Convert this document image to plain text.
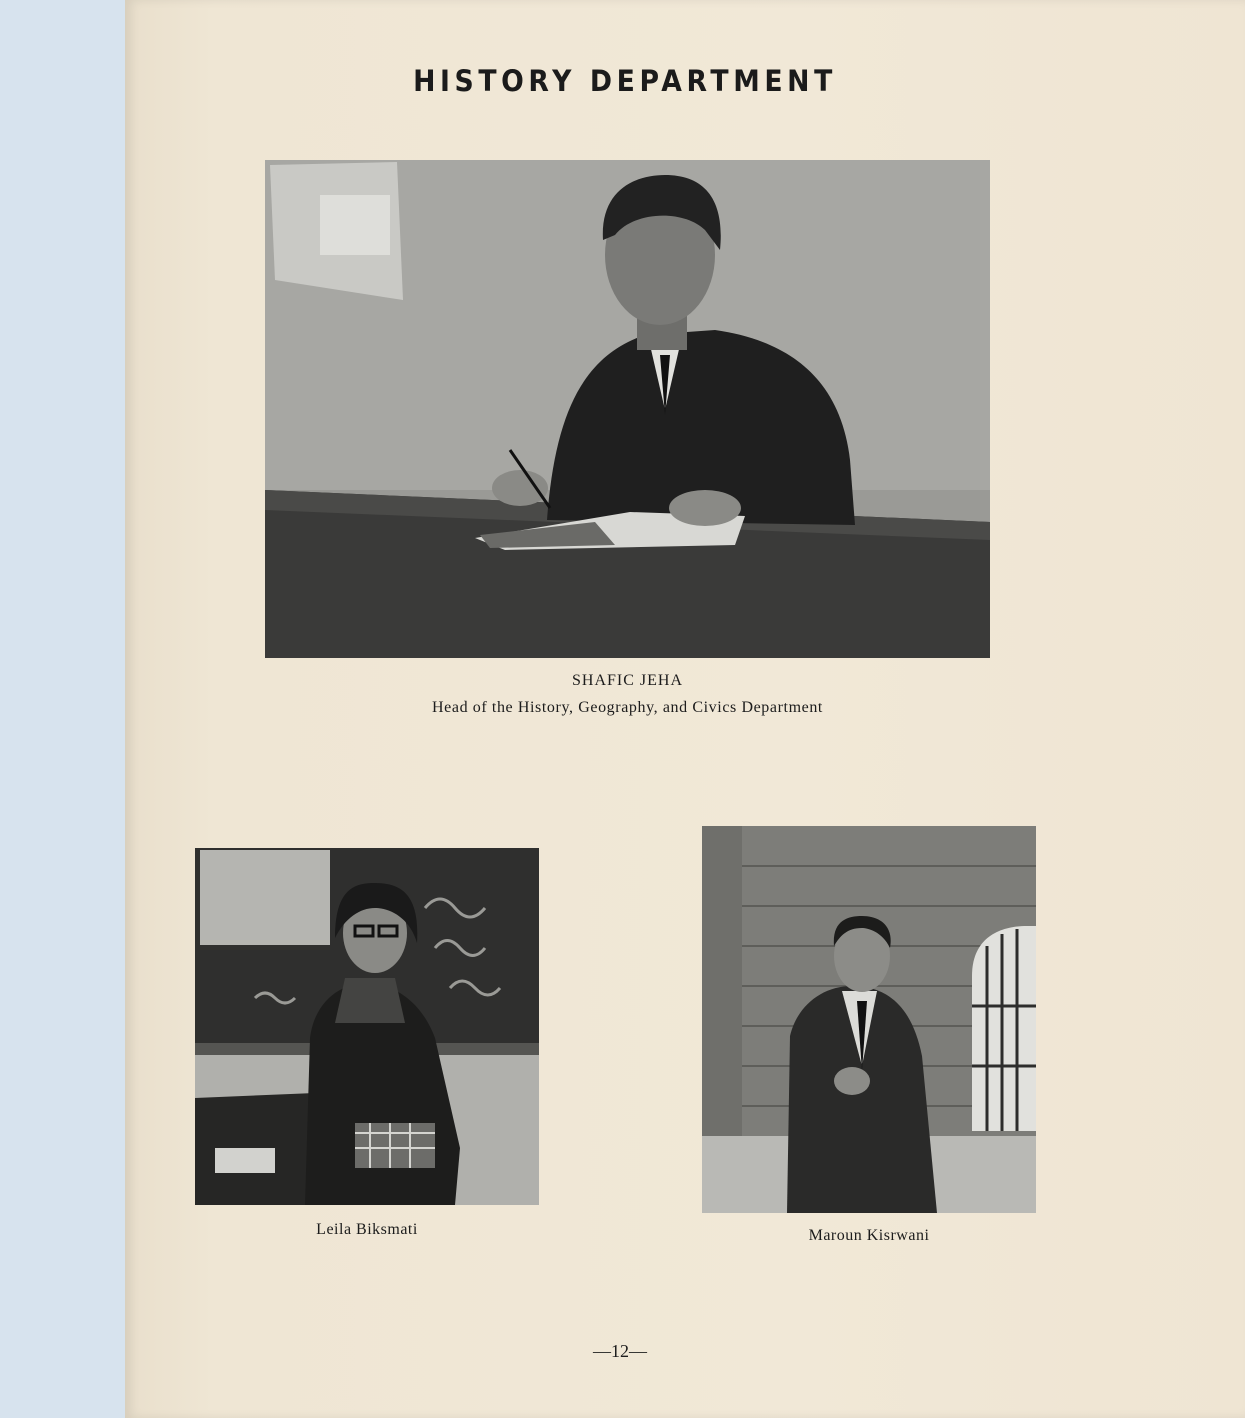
HISTORY DEPARTMENT
SHAFIC JEHA
Head of the History, Geography, and Civics Department
Leila Biksmati	Maroun Kisrwani
—12—
